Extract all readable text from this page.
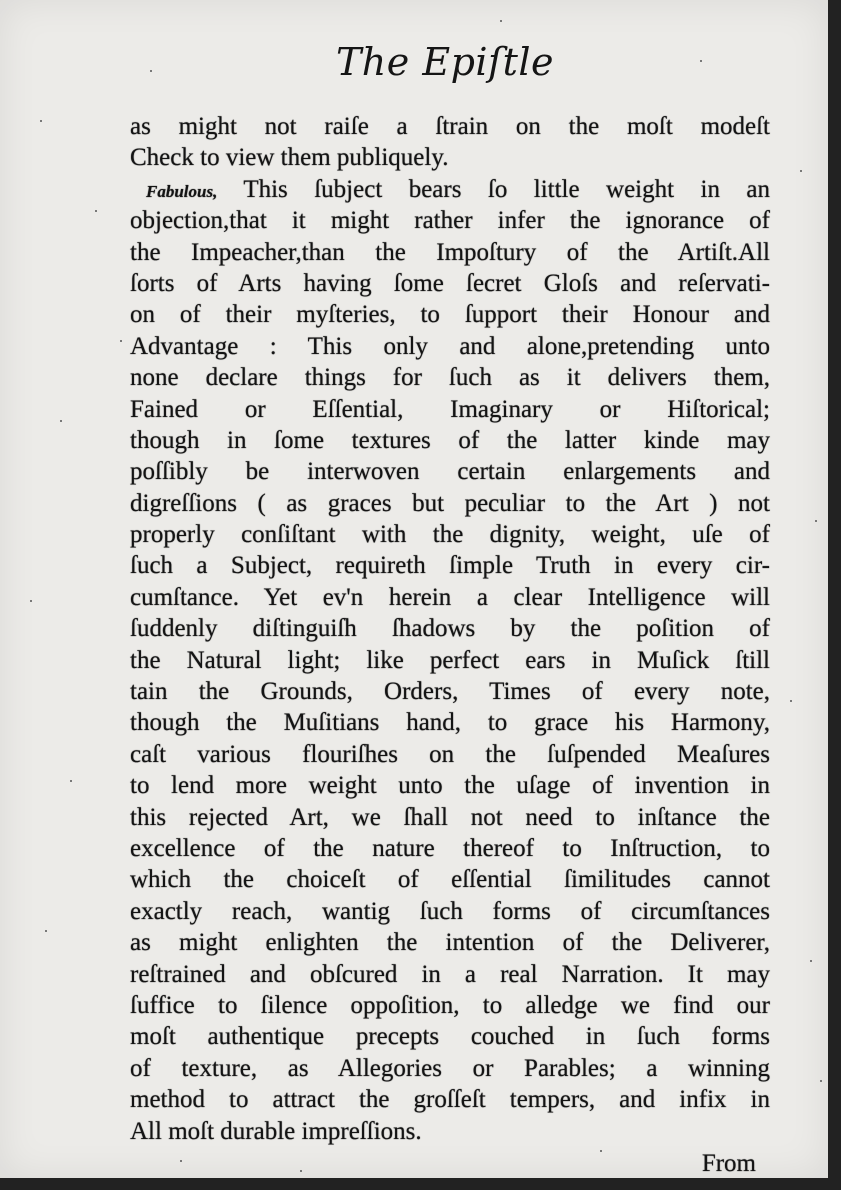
The Epiſtle
as might not raiſe a ſtrain on the moſt modeſt
Check to view them publiquely.
Fabulous, This ſubject bears ſo little weight in an
objection,that it might rather infer the ignorance of
the Impeacher,than the Impoſtury of the Artiſt.All
ſorts of Arts having ſome ſecret Gloſs and reſervati-
on of their myſteries, to ſupport their Honour and
Advantage : This only and alone,pretending unto
none declare things for ſuch as it delivers them,
Fained or Eſſential, Imaginary or Hiſtorical;
though in ſome textures of the latter kinde may
poſſibly be interwoven certain enlargements and
digreſſions ( as graces but peculiar to the Art ) not
properly conſiſtant with the dignity, weight, uſe of
ſuch a Subject, requireth ſimple Truth in every cir-
cumſtance. Yet ev'n herein a clear Intelligence will
ſuddenly diſtinguiſh ſhadows by the poſition of
the Natural light; like perfect ears in Muſick ſtill
tain the Grounds, Orders, Times of every note,
though the Muſitians hand, to grace his Harmony,
caſt various flouriſhes on the ſuſpended Meaſures
to lend more weight unto the uſage of invention in
this rejected Art, we ſhall not need to inſtance the
excellence of the nature thereof to Inſtruction, to
which the choiceſt of eſſential ſimilitudes cannot
exactly reach, wantig ſuch forms of circumſtances
as might enlighten the intention of the Deliverer,
reſtrained and obſcured in a real Narration. It may
ſuffice to ſilence oppoſition, to alledge we find our
moſt authentique precepts couched in ſuch forms
of texture, as Allegories or Parables; a winning
method to attract the groſſeſt tempers, and infix in
All moſt durable impreſſions.
From
